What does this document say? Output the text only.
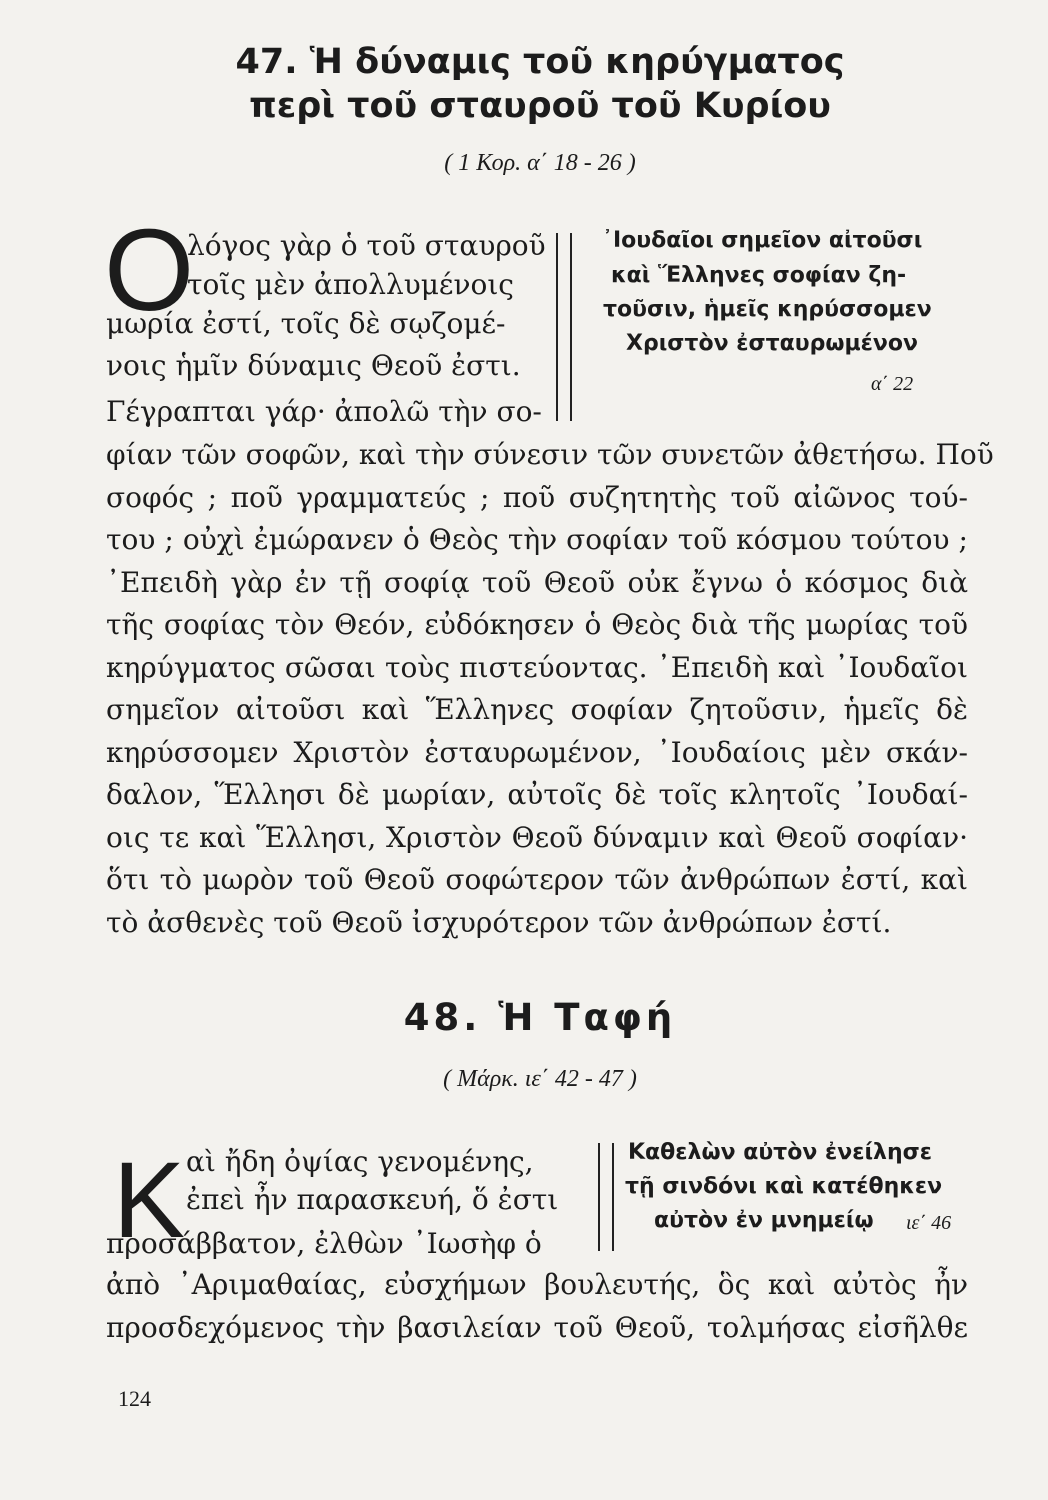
47. Ἡ δύναμις τοῦ κηρύγματος
περὶ τοῦ σταυροῦ τοῦ Κυρίου
( 1 Κορ. α΄ 18 - 26 )
Ο
λόγος γὰρ ὁ τοῦ σταυροῦ
τοῖς μὲν ἀπολλυμένοις
μωρία ἐστί, τοῖς δὲ σῳζομέ-
νοις ἡμῖν δύναμις Θεοῦ ἐστι.
Γέγραπται γάρ· ἀπολῶ τὴν σο-
᾿Ιουδαῖοι σημεῖον αἰτοῦσι
καὶ Ἕλληνες σοφίαν ζη-
τοῦσιν, ἡμεῖς κηρύσσομεν
Χριστὸν ἐσταυρωμένον
α΄ 22
φίαν τῶν σοφῶν, καὶ τὴν σύνεσιν τῶν συνετῶν ἀθετήσω. Ποῦ
σοφός ; ποῦ γραμματεύς ; ποῦ συζητητὴς τοῦ αἰῶνος τού-
του ; οὐχὶ ἐμώρανεν ὁ Θεὸς τὴν σοφίαν τοῦ κόσμου τούτου ;
᾿Επειδὴ γὰρ ἐν τῇ σοφίᾳ τοῦ Θεοῦ οὐκ ἔγνω ὁ κόσμος διὰ
τῆς σοφίας τὸν Θεόν, εὐδόκησεν ὁ Θεὸς διὰ τῆς μωρίας τοῦ
κηρύγματος σῶσαι τοὺς πιστεύοντας. ᾿Επειδὴ καὶ ᾿Ιουδαῖοι
σημεῖον αἰτοῦσι καὶ Ἕλληνες σοφίαν ζητοῦσιν, ἡμεῖς δὲ
κηρύσσομεν Χριστὸν ἐσταυρωμένον, ᾿Ιουδαίοις μὲν σκάν-
δαλον, Ἕλλησι δὲ μωρίαν, αὐτοῖς δὲ τοῖς κλητοῖς ᾿Ιουδαί-
οις τε καὶ Ἕλλησι, Χριστὸν Θεοῦ δύναμιν καὶ Θεοῦ σοφίαν·
ὅτι τὸ μωρὸν τοῦ Θεοῦ σοφώτερον τῶν ἀνθρώπων ἐστί, καὶ
τὸ ἀσθενὲς τοῦ Θεοῦ ἰσχυρότερον τῶν ἀνθρώπων ἐστί.
48. Ἡ Ταφή
( Μάρκ. ιε΄ 42 - 47 )
Κ αὶ ἤδη ὀψίας γενομένης,
ἐπεὶ ἦν παρασκευή, ὅ ἐστι
προσάββατον, ἐλθὼν ᾿Ιωσὴφ ὁ
Καθελὼν αὐτὸν ἐνείλησε
τῇ σινδόνι καὶ κατέθηκεν
αὐτὸν ἐν μνημείῳ ιε΄ 46
ἀπὸ ᾿Αριμαθαίας, εὐσχήμων βουλευτής, ὃς καὶ αὐτὸς ἦν
προσδεχόμενος τὴν βασιλείαν τοῦ Θεοῦ, τολμήσας εἰσῆλθε
124
